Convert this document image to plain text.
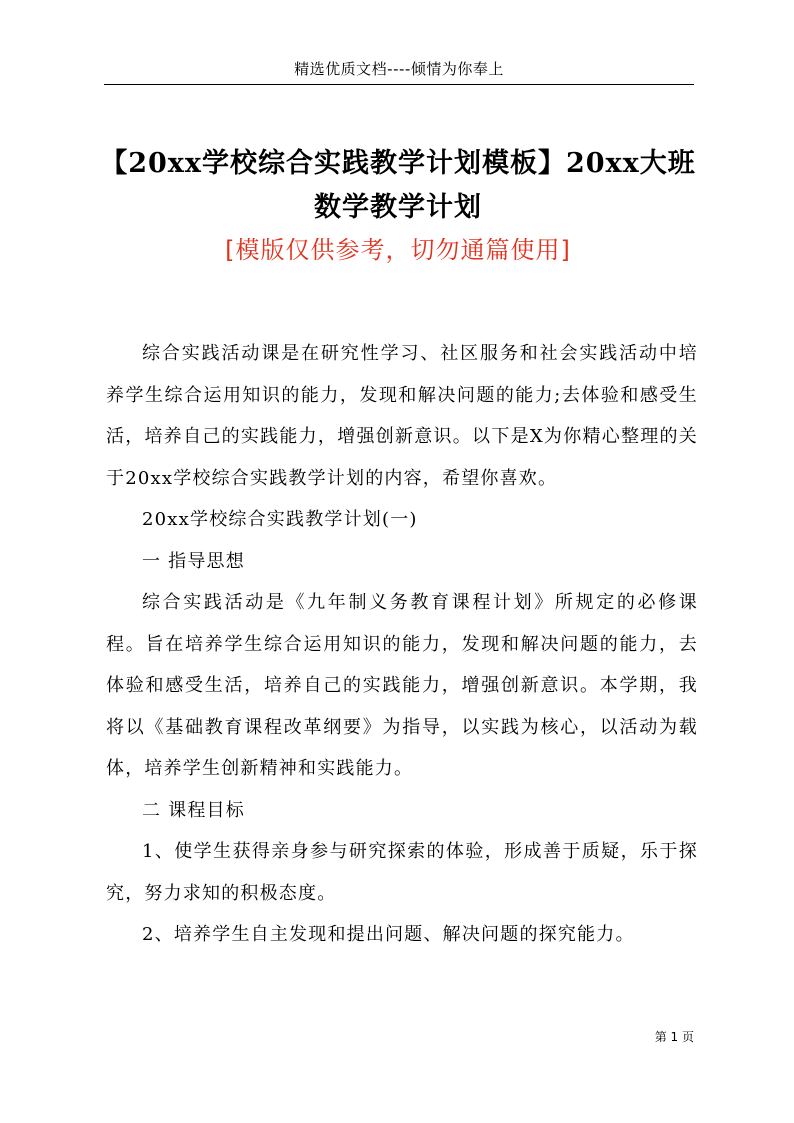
精选优质文档----倾情为你奉上
【20xx学校综合实践教学计划模板】20xx大班数学教学计划
[模版仅供参考，切勿通篇使用]

综合实践活动课是在研究性学习、社区服务和社会实践活动中培养学生综合运用知识的能力，发现和解决问题的能力;去体验和感受生活，培养自己的实践能力，增强创新意识。以下是X为你精心整理的关于20xx学校综合实践教学计划的内容，希望你喜欢。

20xx学校综合实践教学计划(一)

一 指导思想

综合实践活动是《九年制义务教育课程计划》所规定的必修课程。旨在培养学生综合运用知识的能力，发现和解决问题的能力，去体验和感受生活，培养自己的实践能力，增强创新意识。本学期，我将以《基础教育课程改革纲要》为指导，以实践为核心，以活动为载体，培养学生创新精神和实践能力。

二 课程目标

1、使学生获得亲身参与研究探索的体验，形成善于质疑，乐于探究，努力求知的积极态度。

2、培养学生自主发现和提出问题、解决问题的探究能力。

第 1 页
